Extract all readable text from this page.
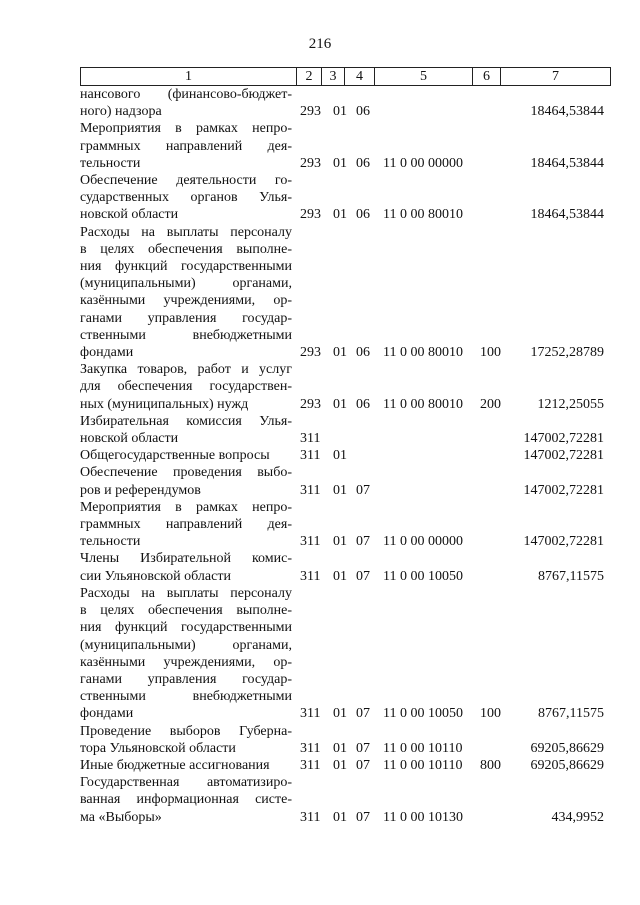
216
1	2	3	4	5	6	7
нансового (финансово-бюджет-
ного) надзора	293 01 06	18464,53844
Мероприятия в рамках непро-
граммных направлений дея-
тельности	293 01 06 11 0 00 00000	18464,53844
Обеспечение деятельности го-
сударственных органов Улья-
новской области	293 01 06 11 0 00 80010	18464,53844
Расходы на выплаты персоналу
в целях обеспечения выполне-
ния функций государственными
(муниципальными) органами,
казёнными учреждениями, ор-
ганами управления государ-
ственными внебюджетными
фондами	293 01 06 11 0 00 80010 100 17252,28789
Закупка товаров, работ и услуг
для обеспечения государствен-
ных (муниципальных) нужд	293 01 06 11 0 00 80010 200	1212,25055
Избирательная комиссия Улья-
новской области	311	147002,72281
Общегосударственные вопросы	311 01	147002,72281
Обеспечение проведения выбо-
ров и референдумов	311 01 07	147002,72281
Мероприятия в рамках непро-
граммных направлений дея-
тельности	311 01 07 11 0 00 00000	147002,72281
Члены Избирательной комис-
сии Ульяновской области	311 01 07 11 0 00 10050	8767,11575
Расходы на выплаты персоналу
в целях обеспечения выполне-
ния функций государственными
(муниципальными) органами,
казёнными учреждениями, ор-
ганами управления государ-
ственными внебюджетными
фондами	311 01 07 11 0 00 10050 100	8767,11575
Проведение выборов Губерна-
тора Ульяновской области	311 01 07 11 0 00 10110	69205,86629
Иные бюджетные ассигнования	311 01 07 11 0 00 10110 800 69205,86629
Государственная автоматизиро-
ванная информационная систе-
ма «Выборы»	311 01 07 11 0 00 10130	434,9952
